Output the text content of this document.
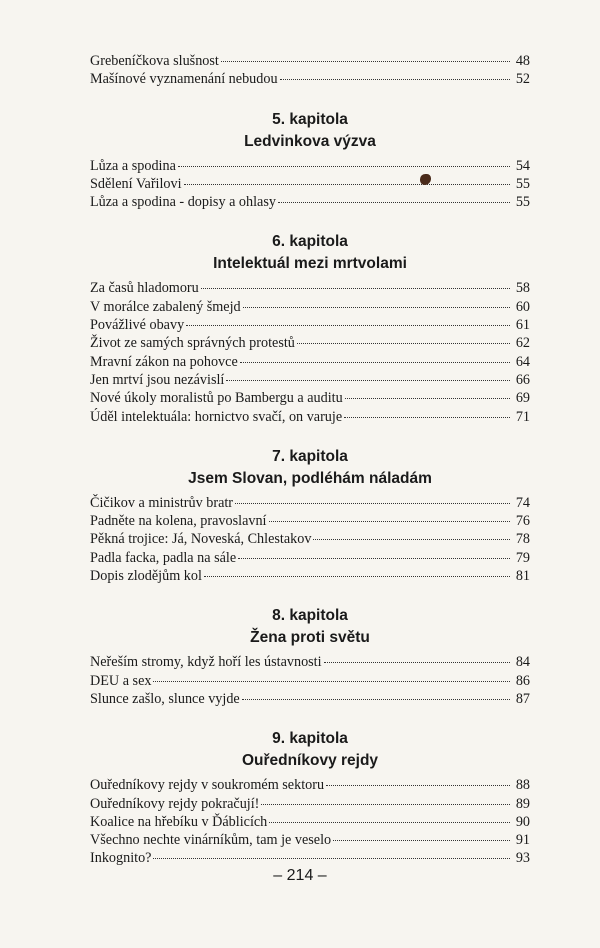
Grebeníčkova slušnost	48
Mašínové vyznamenání nebudou	52
5. kapitola
Ledvinkova výzva
Lůza a spodina	54
Sdělení Vařilovi	55
Lůza a spodina - dopisy a ohlasy	55
6. kapitola
Intelektuál mezi mrtvolami
Za časů hladomoru	58
V morálce zabalený šmejd	60
Povážlivé obavy	61
Život ze samých správných protestů	62
Mravní zákon na pohovce	64
Jen mrtví jsou nezávislí	66
Nové úkoly moralistů po Bambergu a auditu	69
Úděl intelektuála: hornictvo svačí, on varuje	71
7. kapitola
Jsem Slovan, podléhám náladám
Čičikov a ministrův bratr	74
Padněte na kolena, pravoslavní	76
Pěkná trojice: Já, Noveská, Chlestakov	78
Padla facka, padla na sále	79
Dopis zlodějům kol	81
8. kapitola
Žena proti světu
Neřeším stromy, když hoří les ústavnosti	84
DEU a sex	86
Slunce zašlo, slunce vyjde	87
9. kapitola
Ouředníkovy rejdy
Ouředníkovy rejdy v soukromém sektoru	88
Ouředníkovy rejdy pokračují!	89
Koalice na hřebíku v Ďáblicích	90
Všechno nechte vinárníkům, tam je veselo	91
Inkognito?	93
– 214 –
